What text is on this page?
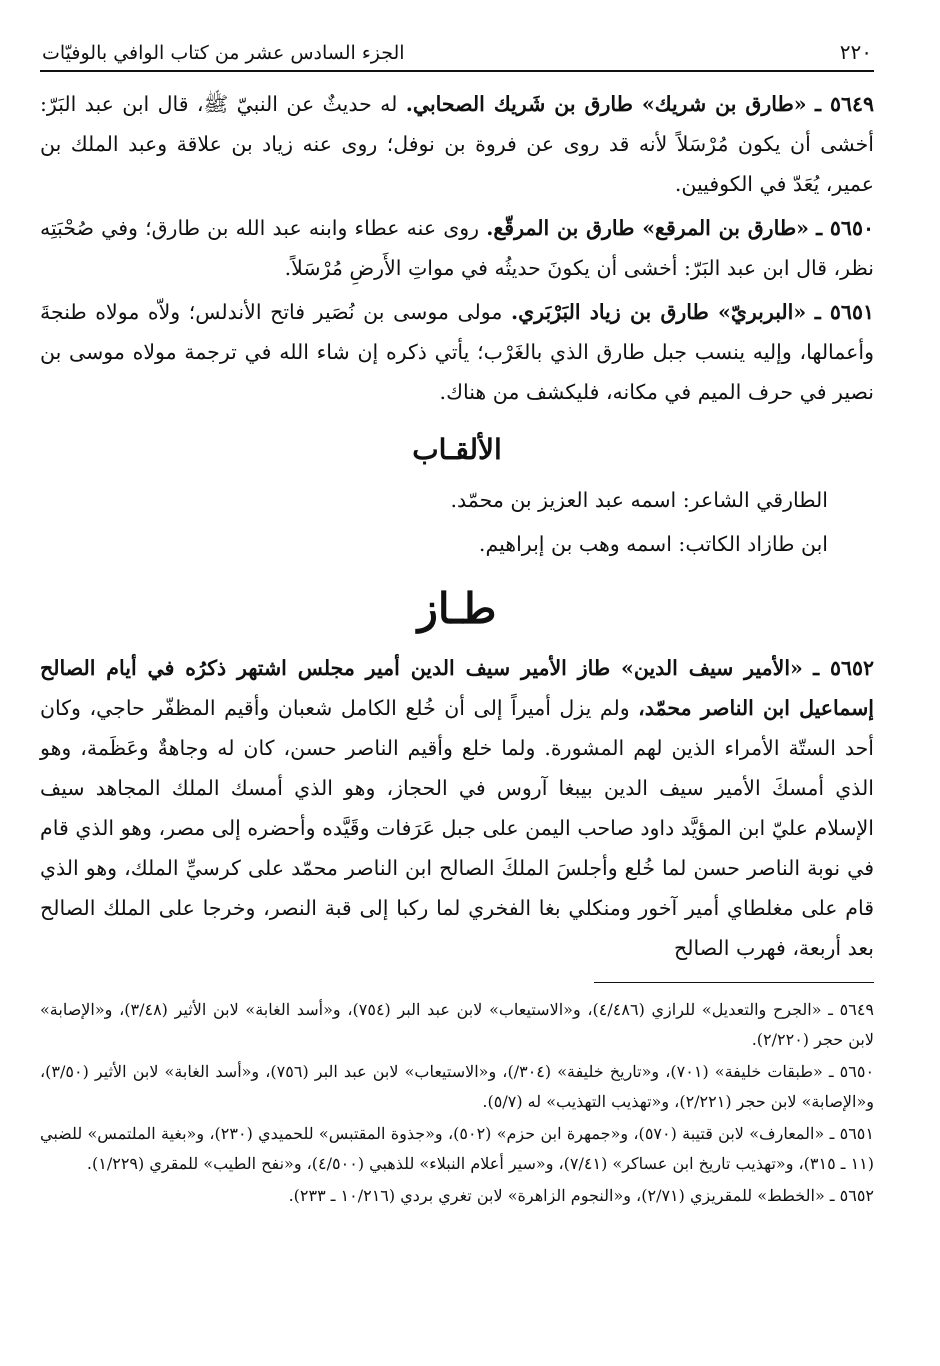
٢٢٠
الجزء السادس عشر من كتاب الوافي بالوفيّات

٥٦٤٩ ـ «طارق بن شريك» طارق بن شَريك الصحابي. له حديثٌ عن النبيّ ﷺ، قال ابن عبد البَرّ: أخشى أن يكون مُرْسَلاً لأنه قد روى عن فروة بن نوفل؛ روى عنه زياد بن علاقة وعبد الملك بن عمير، يُعَدّ في الكوفيين.

٥٦٥٠ ـ «طارق بن المرقع» طارق بن المرقّع. روى عنه عطاء وابنه عبد الله بن طارق؛ وفي صُحْبَتِه نظر، قال ابن عبد البَرّ: أخشى أن يكونَ حديثُه في مواتِ الأَرضِ مُرْسَلاً.

٥٦٥١ ـ «البربريّ» طارق بن زياد البَرْبَري. مولى موسى بن نُصَير فاتح الأندلس؛ ولاّه مولاه طنجةَ وأعمالها، وإليه ينسب جبل طارق الذي بالغَرْب؛ يأتي ذكره إن شاء الله في ترجمة مولاه موسى بن نصير في حرف الميم في مكانه، فليكشف من هناك.

الألقـاب
الطارقي الشاعر: اسمه عبد العزيز بن محمّد.
ابن طازاد الكاتب: اسمه وهب بن إبراهيم.
طـاز

٥٦٥٢ ـ «الأمير سيف الدين» طاز الأمير سيف الدين أمير مجلس اشتهر ذكرُه في أيام الصالح إسماعيل ابن الناصر محمّد، ولم يزل أميراً إلى أن خُلع الكامل شعبان وأقيم المظفّر حاجي، وكان أحد الستّة الأمراء الذين لهم المشورة. ولما خلع وأقيم الناصر حسن، كان له وجاهةٌ وعَظَمة، وهو الذي أمسكَ الأمير سيف الدين بيبغا آروس في الحجاز، وهو الذي أمسك الملك المجاهد سيف الإسلام عليّ ابن المؤيَّد داود صاحب اليمن على جبل عَرَفات وقَيَّده وأحضره إلى مصر، وهو الذي قام في نوبة الناصر حسن لما خُلع وأجلسَ الملكَ الصالح ابن الناصر محمّد على كرسيِّ الملك، وهو الذي قام على مغلطاي أمير آخور ومنكلي بغا الفخري لما ركبا إلى قبة النصر، وخرجا على الملك الصالح بعد أربعة، فهرب الصالح

٥٦٤٩ ـ «الجرح والتعديل» للرازي (٤/٤٨٦)، و«الاستيعاب» لابن عبد البر (٧٥٤)، و«أسد الغابة» لابن الأثير (٣/٤٨)، و«الإصابة» لابن حجر (٢/٢٢٠).

٥٦٥٠ ـ «طبقات خليفة» (٧٠١)، و«تاريخ خليفة» (٣٠٤/)، و«الاستيعاب» لابن عبد البر (٧٥٦)، و«أسد الغابة» لابن الأثير (٣/٥٠)، و«الإصابة» لابن حجر (٢/٢٢١)، و«تهذيب التهذيب» له (٥/٧).

٥٦٥١ ـ «المعارف» لابن قتيبة (٥٧٠)، و«جمهرة ابن حزم» (٥٠٢)، و«جذوة المقتبس» للحميدي (٢٣٠)، و«بغية الملتمس» للضبي (١١ ـ ٣١٥)، و«تهذيب تاريخ ابن عساكر» (٧/٤١)، و«سير أعلام النبلاء» للذهبي (٤/٥٠٠)، و«نفح الطيب» للمقري (١/٢٢٩).

٥٦٥٢ ـ «الخطط» للمقريزي (٢/٧١)، و«النجوم الزاهرة» لابن تغري بردي (١٠/٢١٦ ـ ٢٣٣).
